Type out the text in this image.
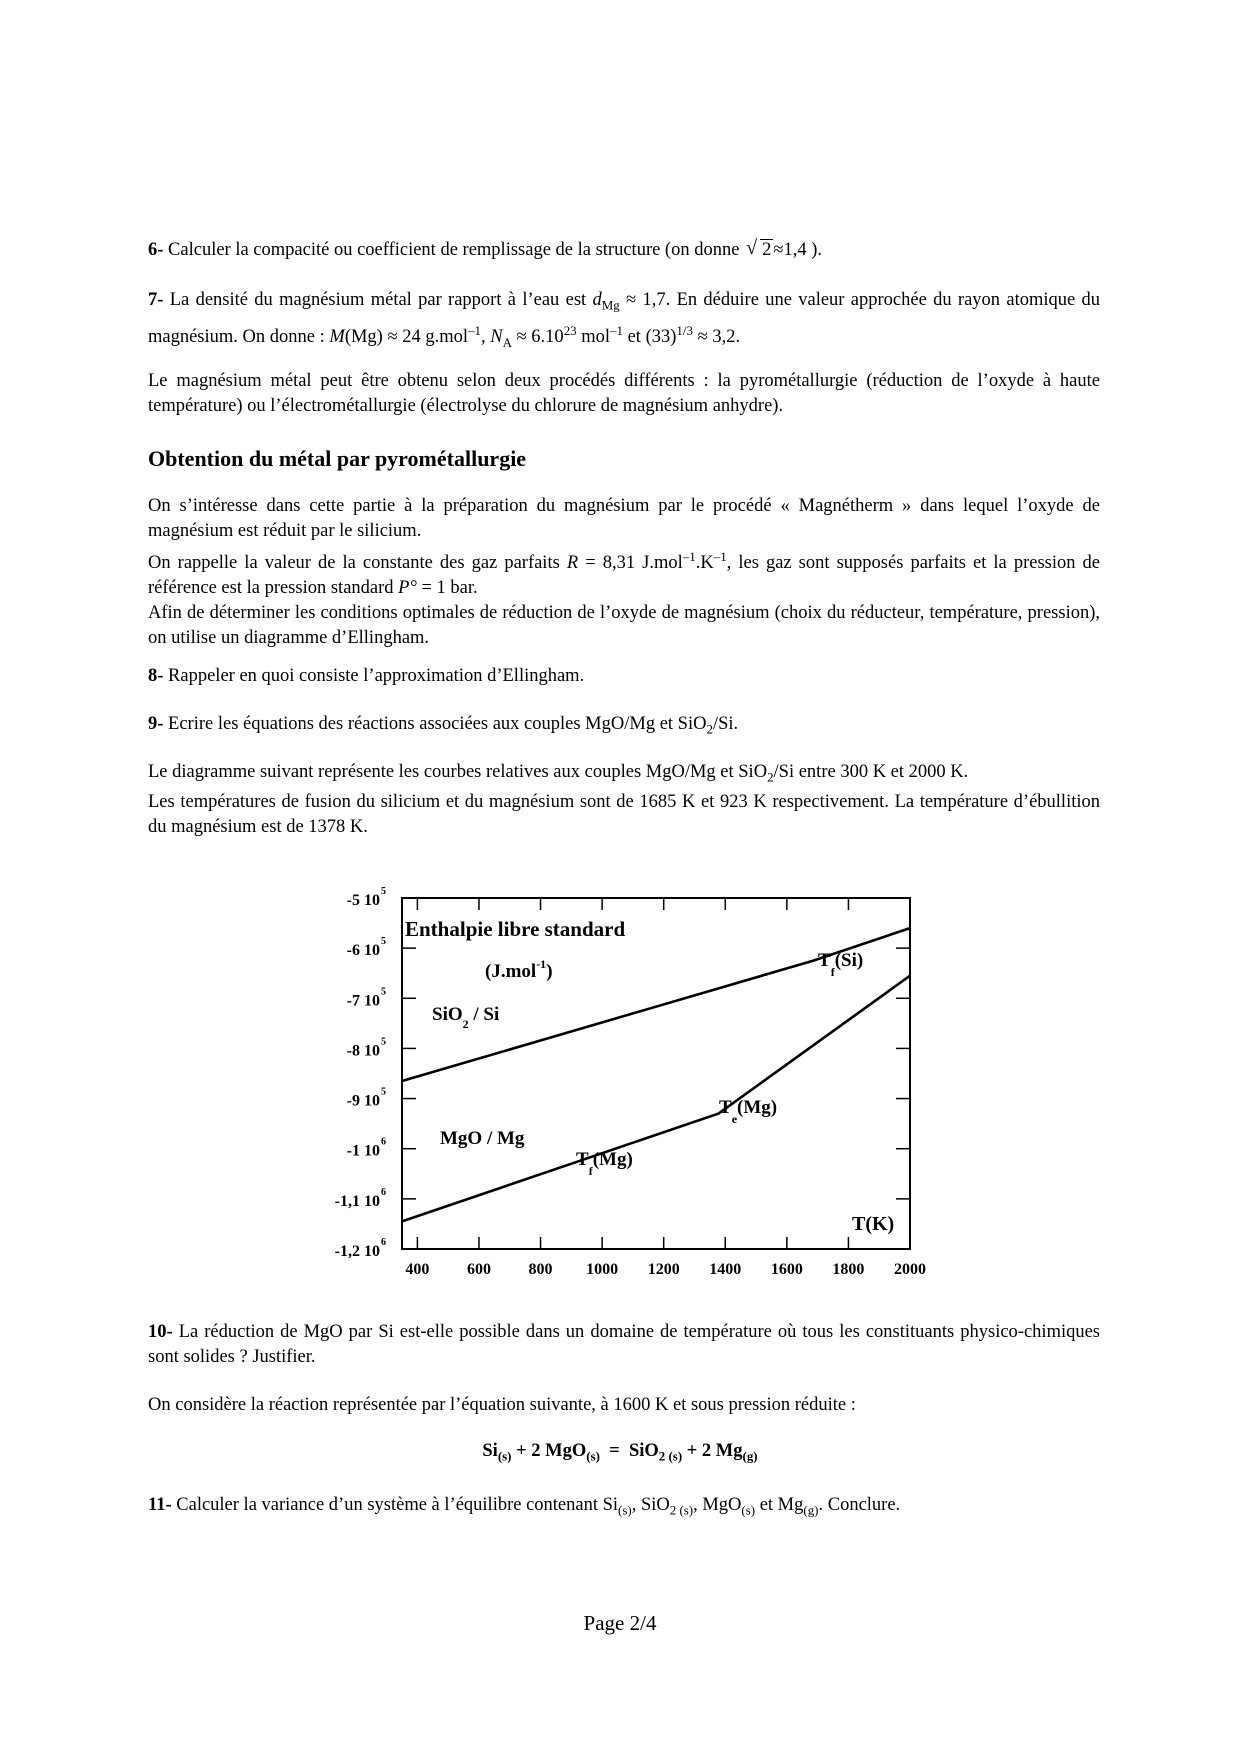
6- Calculer la compacité ou coefficient de remplissage de la structure (on donne √ 2 ≈1,4 ).

7- La densité du magnésium métal par rapport à l’eau est $d_{Mg} \approx 1,7$. En déduire une valeur approchée du rayon atomique du magnésium. On donne : M(Mg) ≈ 24 g.mol$^{-1}$, $N_A \approx 6.10^{23}$ mol$^{-1}$ et $(33)^{1/3} \approx 3,2$.

Le magnésium métal peut être obtenu selon deux procédés différents : la pyrométallurgie (réduction de l’oxyde à haute température) ou l’électrométallurgie (électrolyse du chlorure de magnésium anhydre).

Obtention du métal par pyrométallurgie

On s’intéresse dans cette partie à la préparation du magnésium par le procédé « Magnétherm » dans lequel l’oxyde de magnésium est réduit par le silicium.
On rappelle la valeur de la constante des gaz parfaits R = 8,31 $J.mol^{-1}.K^{-1}$, les gaz sont supposés parfaits et la pression de référence est la pression standard P° = 1 bar.
Afin de déterminer les conditions optimales de réduction de l’oxyde de magnésium (choix du réducteur, température, pression), on utilise un diagramme d’Ellingham.

8- Rappeler en quoi consiste l’approximation d’Ellingham.

9- Ecrire les équations des réactions associées aux couples MgO/Mg et SiO$_2$/Si.

Le diagramme suivant représente les courbes relatives aux couples MgO/Mg et SiO$_2$/Si entre 300 K et 2000 K.
Les températures de fusion du silicium et du magnésium sont de 1685 K et 923 K respectivement. La température d’ébullition du magnésium est de 1378 K.

-5 10
5
-6 10
5
-7 10
5
-8 10
5
-9 10
5
-1 10
6
-1,1 10
6
-1,2 10
6
400 600 800 1000 1200 1400 1600 1800 2000
Enthalpie libre standard
(J.mol$^{-1}$)
SiO$_2$ / Si
MgO / Mg
$T_f(Si)$
$T_e(Mg)$
$T_f(Mg)$
T(K)

10- La réduction de MgO par Si est-elle possible dans un domaine de température où tous les constituants physico-chimiques sont solides ? Justifier.

On considère la réaction représentée par l’équation suivante, à 1600 K et sous pression réduite :

$Si_{(s)} + 2$ MgO$_{(s)}$  =  SiO$_{2 (s)}$ + 2 $Mg_{(g)}$

11- Calculer la variance d’un système à l’équilibre contenant $Si_{(s)}$, SiO$_{2 (s)}$, MgO$_{(s)}$ et $Mg_{(g)}$. Conclure.

Page 2/4
